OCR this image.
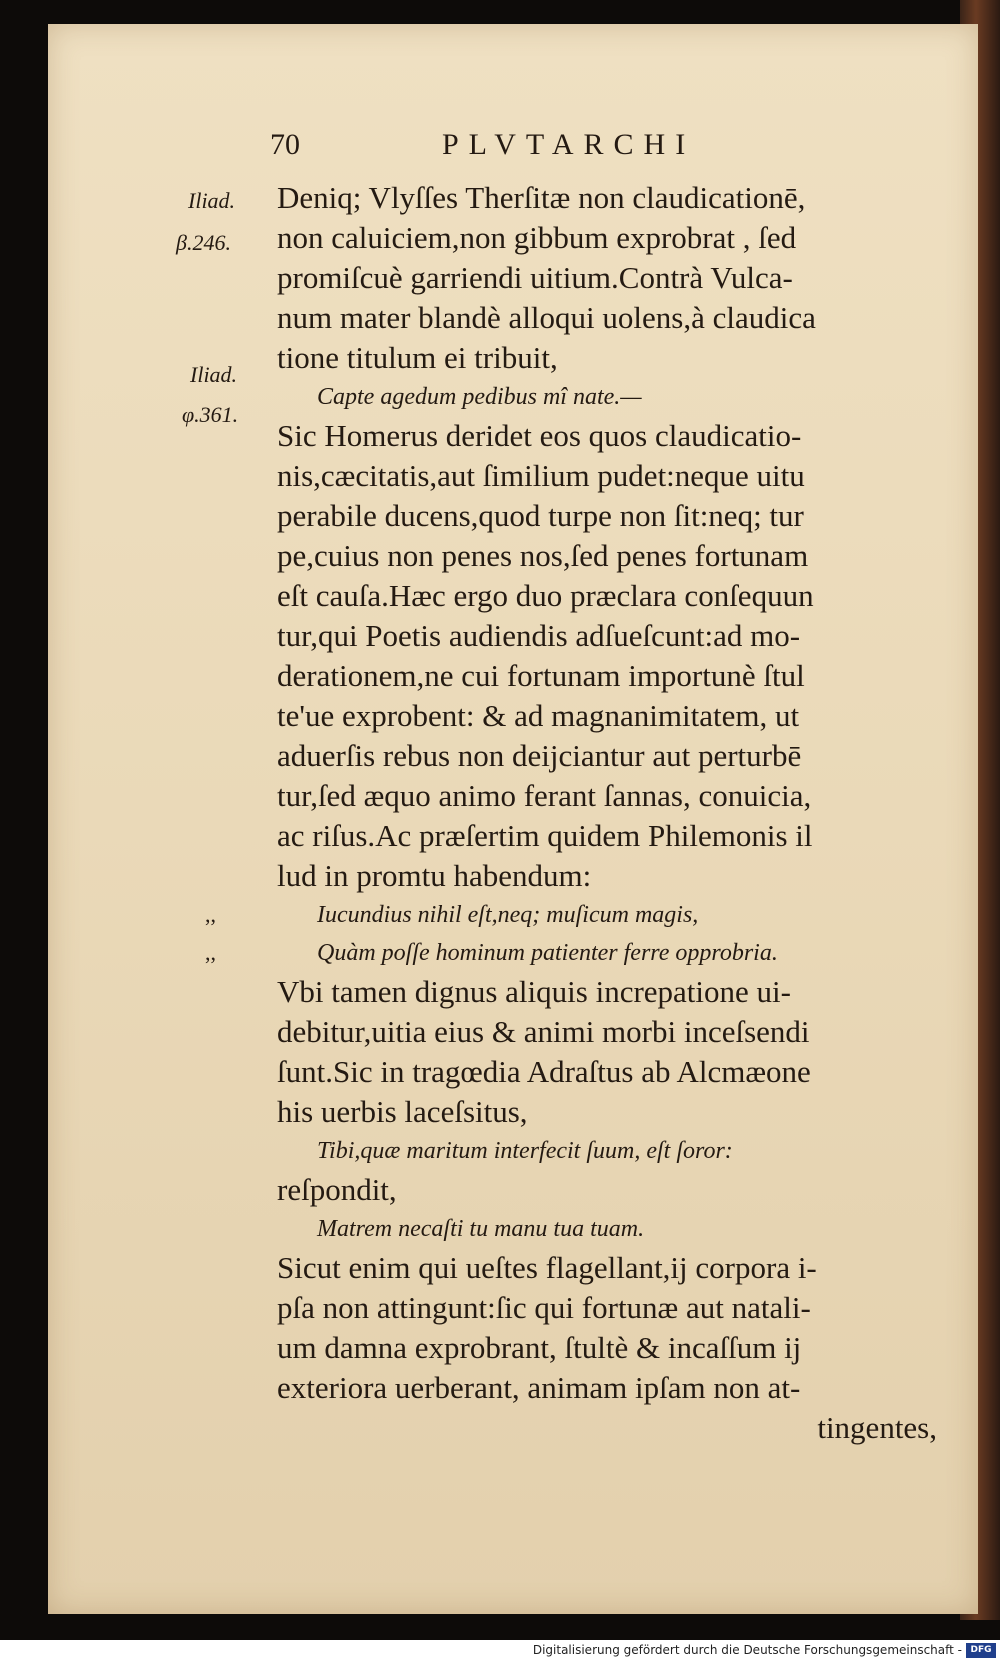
70	PLVTARCHI
Iliad.
β.246.
Iliad.
φ.361.
Deniq; Vlyſſes Therſitæ non claudicationē,
non caluiciem,non gibbum exprobrat , ſed
promiſcuè garriendi uitium.Contrà Vulca-
num mater blandè alloqui uolens,à claudica
tione titulum ei tribuit,
Capte agedum pedibus mî nate.—
Sic Homerus deridet eos quos claudicatio-
nis,cæcitatis,aut ſimilium pudet:neque uitu
perabile ducens,quod turpe non ſit:neq; tur
pe,cuius non penes nos,ſed penes fortunam
eſt cauſa.Hæc ergo duo præclara conſequun
tur,qui Poetis audiendis adſueſcunt:ad mo-
derationem,ne cui fortunam importunè ſtul
te'ue exprobent: & ad magnanimitatem, ut
aduerſis rebus non deijciantur aut perturbē
tur,ſed æquo animo ferant ſannas, conuicia,
ac riſus.Ac præſertim quidem Philemonis il
lud in promtu habendum:
,,	Iucundius nihil eſt,neq; muſicum magis,
,,	Quàm poſſe hominum patienter ferre opprobria.
Vbi tamen dignus aliquis increpatione ui-
debitur,uitia eius & animi morbi inceſsendi
ſunt.Sic in tragœdia Adraſtus ab Alcmæone
his uerbis laceſsitus,
Tibi,quæ maritum interfecit ſuum, eſt ſoror:
reſpondit,
Matrem necaſti tu manu tua tuam.
Sicut enim qui ueſtes flagellant,ij corpora i-
pſa non attingunt:ſic qui fortunæ aut natali-
um damna exprobrant, ſtultè & incaſſum ij
exteriora uerberant, animam ipſam non at-
tingentes,
Digitalisierung gefördert durch die Deutsche Forschungsgemeinschaft - DFG
